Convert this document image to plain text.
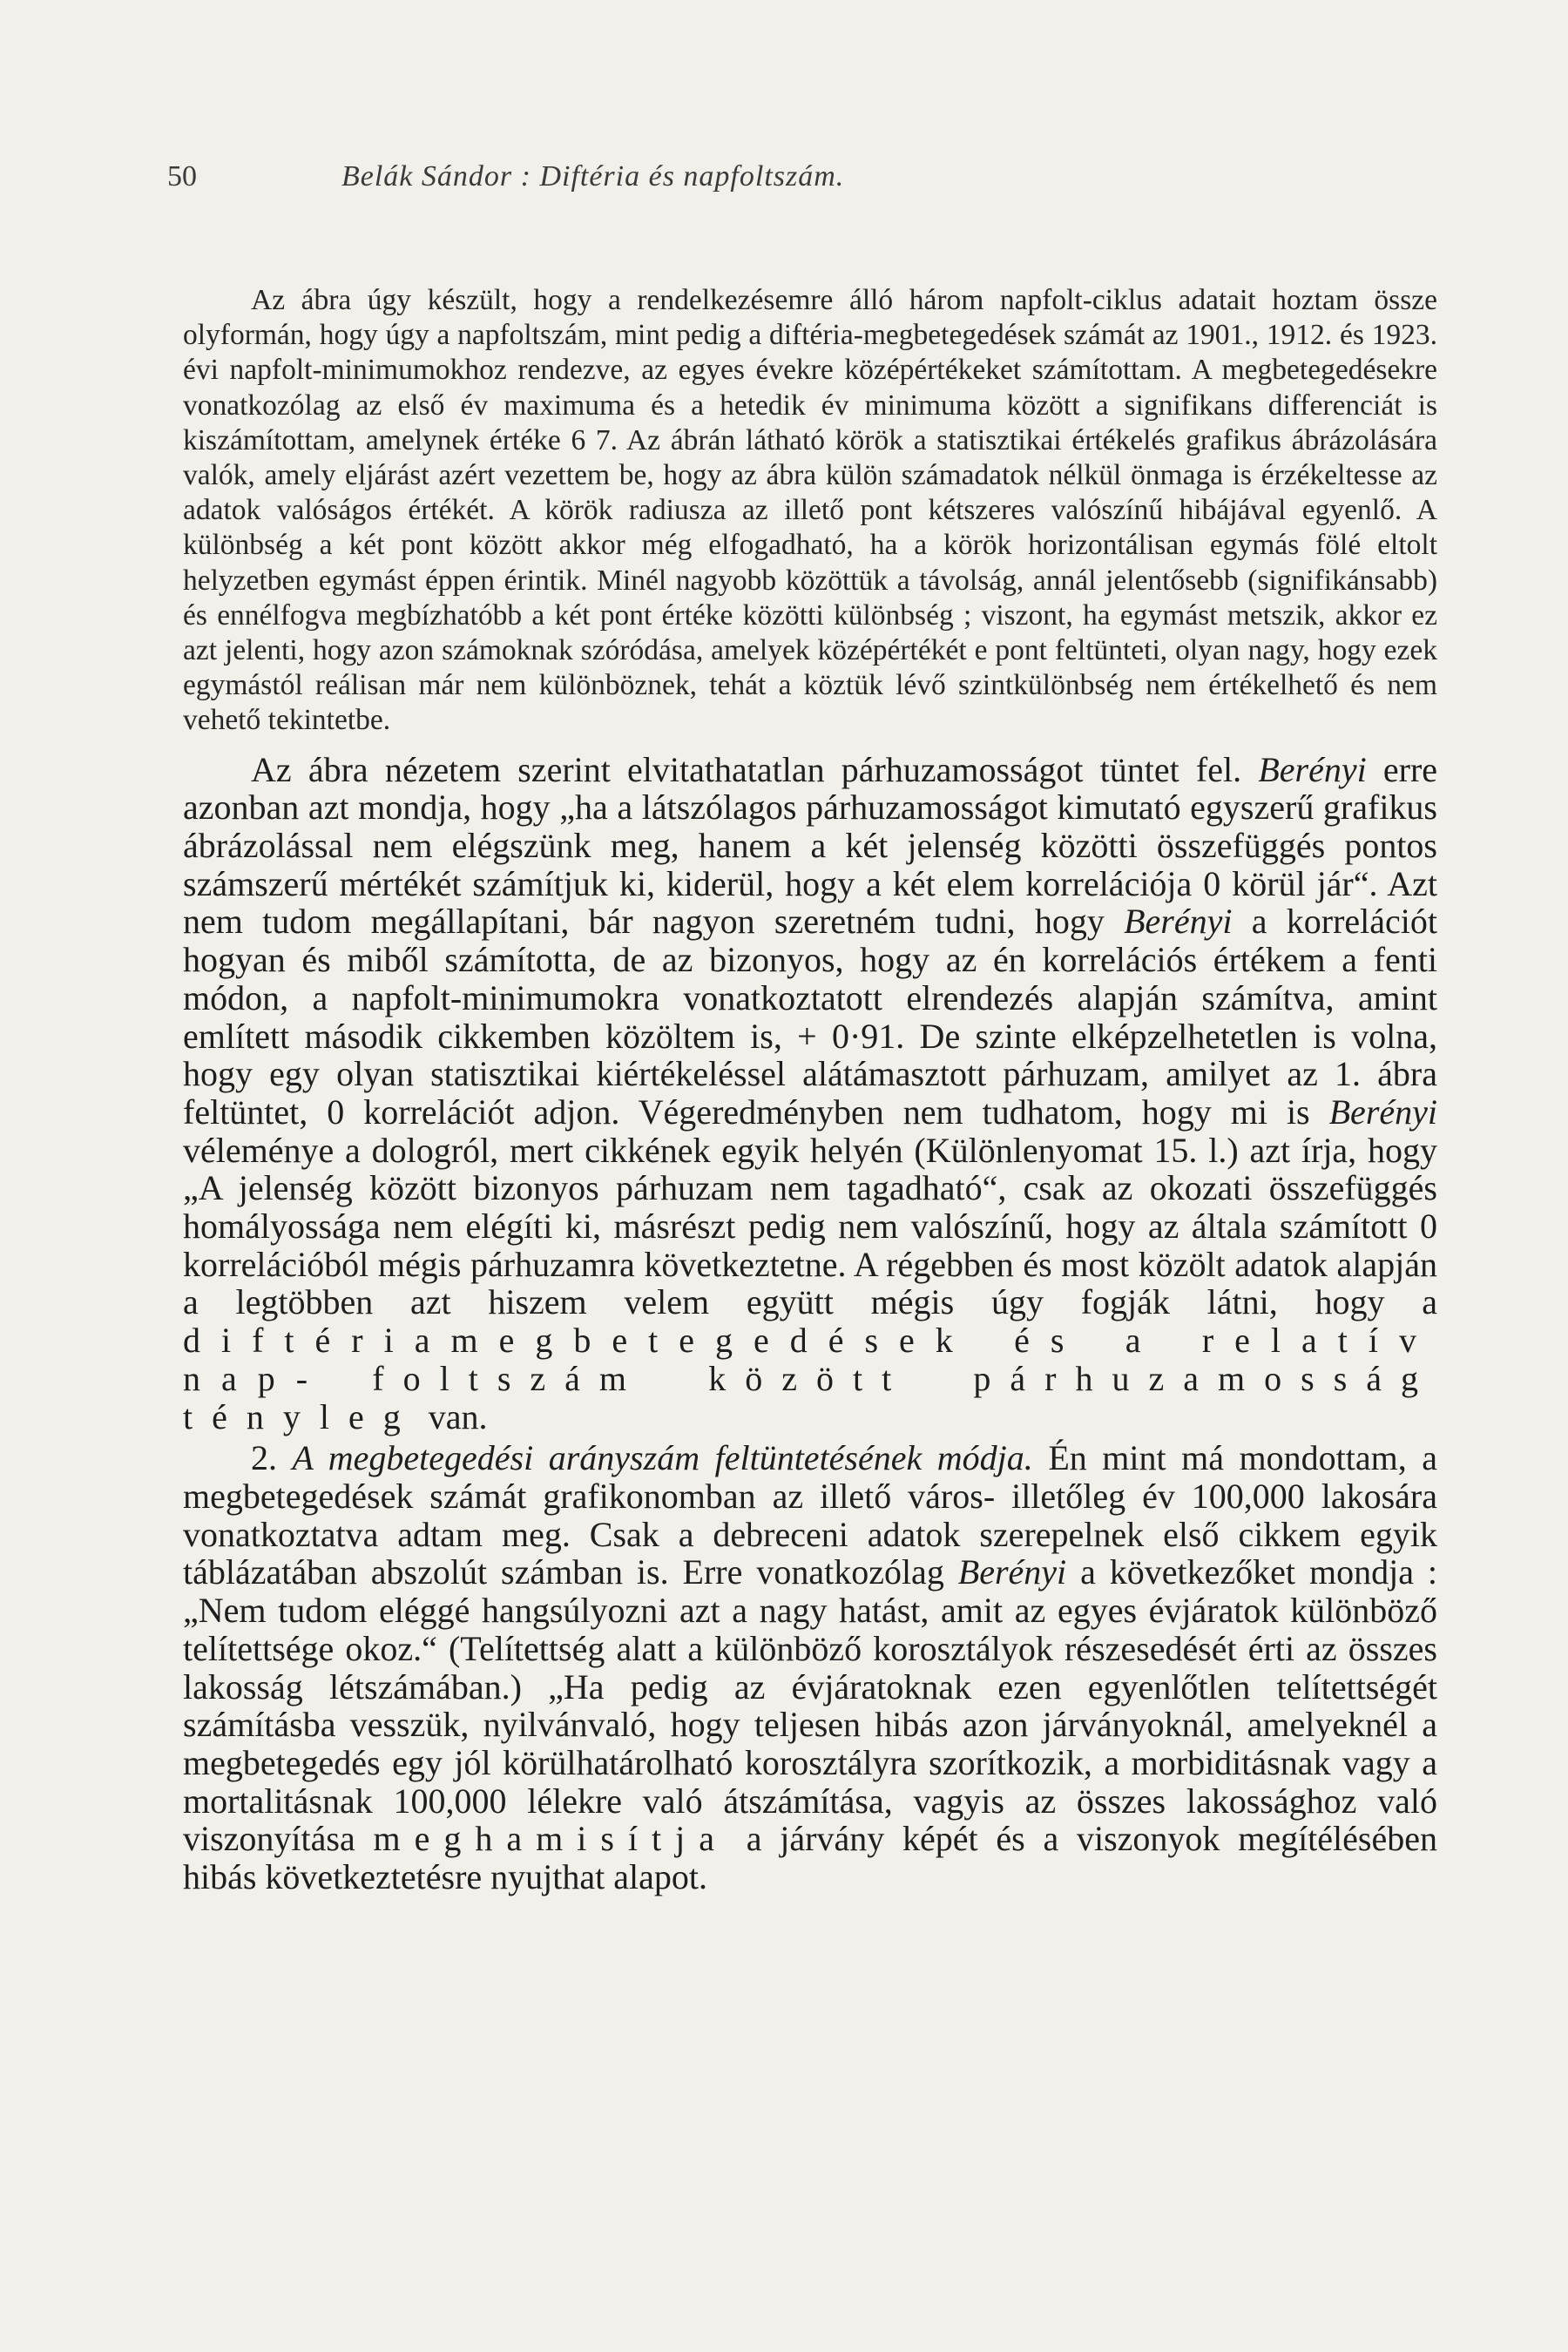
50	Belák Sándor : Diftéria és napfoltszám.

Az ábra úgy készült, hogy a rendelkezésemre álló három napfolt-ciklus adatait hoztam össze olyformán, hogy úgy a napfoltszám, mint pedig a diftéria-megbetegedések számát az 1901., 1912. és 1923. évi napfolt-minimumokhoz rendezve, az egyes évekre középértékeket számítottam. A megbetegedésekre vonatkozólag az első év maximuma és a hetedik év minimuma között a signifikans differenciát is kiszámítottam, amelynek értéke 6 7. Az ábrán látható körök a statisztikai értékelés grafikus ábrázolására valók, amely eljárást azért vezettem be, hogy az ábra külön számadatok nélkül önmaga is érzékeltesse az adatok valóságos értékét. A körök radiusza az illető pont kétszeres valószínű hibájával egyenlő. A különbség a két pont között akkor még elfogadható, ha a körök horizontálisan egymás fölé eltolt helyzetben egymást éppen érintik. Minél nagyobb közöttük a távolság, annál jelentősebb (signifikánsabb) és ennélfogva megbízhatóbb a két pont értéke közötti különbség ; viszont, ha egymást metszik, akkor ez azt jelenti, hogy azon számoknak szóródása, amelyek középértékét e pont feltünteti, olyan nagy, hogy ezek egymástól reálisan már nem különböznek, tehát a köztük lévő szintkülönbség nem értékelhető és nem vehető tekintetbe.

Az ábra nézetem szerint elvitathatatlan párhuzamosságot tüntet fel. Berényi erre azonban azt mondja, hogy „ha a látszólagos párhuzamosságot kimutató egyszerű grafikus ábrázolással nem elégszünk meg, hanem a két jelenség közötti összefüggés pontos számszerű mértékét számítjuk ki, kiderül, hogy a két elem korrelációja 0 körül jár“. Azt nem tudom megállapítani, bár nagyon szeretném tudni, hogy Berényi a korrelációt hogyan és miből számította, de az bizonyos, hogy az én korrelációs értékem a fenti módon, a napfolt-minimumokra vonatkoztatott elrendezés alapján számítva, amint említett második cikkemben közöltem is, + 0·91. De szinte elképzelhetetlen is volna, hogy egy olyan statisztikai kiértékeléssel alátámasztott párhuzam, amilyet az 1. ábra feltüntet, 0 korrelációt adjon. Végeredményben nem tudhatom, hogy mi is Berényi véleménye a dologról, mert cikkének egyik helyén (Különlenyomat 15. l.) azt írja, hogy „A jelenség között bizonyos párhuzam nem tagadható“, csak az okozati összefüggés homályossága nem elégíti ki, másrészt pedig nem valószínű, hogy az általa számított 0 korrelációból mégis párhuzamra következtetne. A régebben és most közölt adatok alapján a legtöbben azt hiszem velem együtt mégis úgy fogják látni, hogy a diftériamegbetegedések és a relatív nap- foltszám között párhuzamosság tényleg van.

2. A megbetegedési arányszám feltüntetésének módja. Én mint má mondottam, a megbetegedések számát grafikonomban az illető város- illetőleg év 100,000 lakosára vonatkoztatva adtam meg. Csak a debreceni adatok szerepelnek első cikkem egyik táblázatában abszolút számban is. Erre vonatkozólag Berényi a következőket mondja : „Nem tudom eléggé hangsúlyozni azt a nagy hatást, amit az egyes évjáratok különböző telítettsége okoz.“ (Telítettség alatt a különböző korosztályok részesedését érti az összes lakosság létszámában.) „Ha pedig az évjáratoknak ezen egyenlőtlen telítettségét számításba vesszük, nyilvánvaló, hogy teljesen hibás azon járványoknál, amelyeknél a megbetegedés egy jól körülhatárolható korosztályra szorítkozik, a morbiditásnak vagy a mortalitásnak 100,000 lélekre való átszámítása, vagyis az összes lakossághoz való viszonyítása meghamisítja a járvány képét és a viszonyok megítélésében hibás következtetésre nyujthat alapot.
